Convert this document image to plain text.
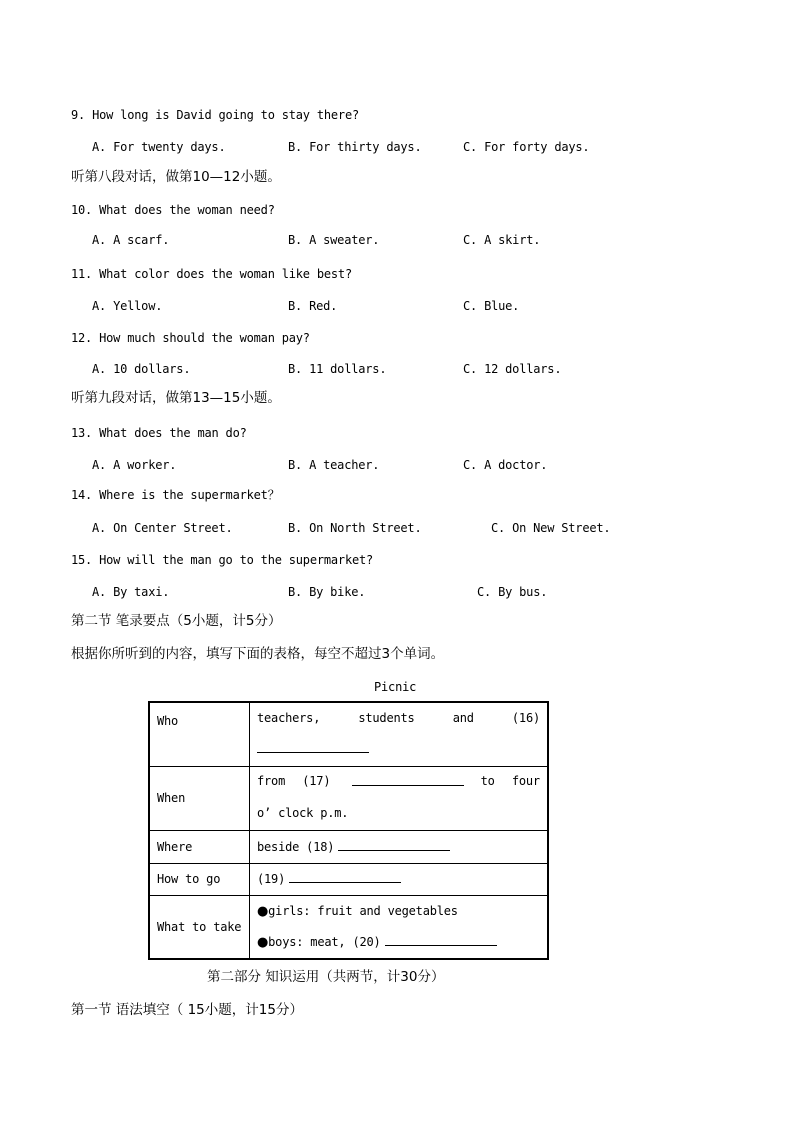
9. How long is David going to stay there?
A. For twenty days.	B. For thirty days.	C. For forty days.
听第八段对话，做第10—12小题。
10. What does the woman need?
A. A scarf.	B. A sweater.	C. A skirt.
11. What color does the woman like best?
A. Yellow.	B. Red.	C. Blue.
12. How much should the woman pay?
A. 10 dollars.	B. 11 dollars.	C. 12 dollars.
听第九段对话，做第13—15小题。
13. What does the man do?
A. A worker.	B. A teacher.	C. A doctor.
14. Where is the supermarket？
A. On Center Street.	B. On North Street.	C. On New Street.
15. How will the man go to the supermarket?
A. By taxi.	B. By bike.	C. By bus.
第二节 笔录要点（5小题，计5分）
根据你所听到的内容，填写下面的表格，每空不超过3个单词。
Picnic
Who	teachers, students and (16)

When	from (17) to four
o’ clock p.m.

Where	beside (18)

How to go	(19)

What to take	●girls: fruit and vegetables
●boys: meat, (20)
第二部分 知识运用（共两节，计30分）
第一节 语法填空（ 15小题，计15分）
